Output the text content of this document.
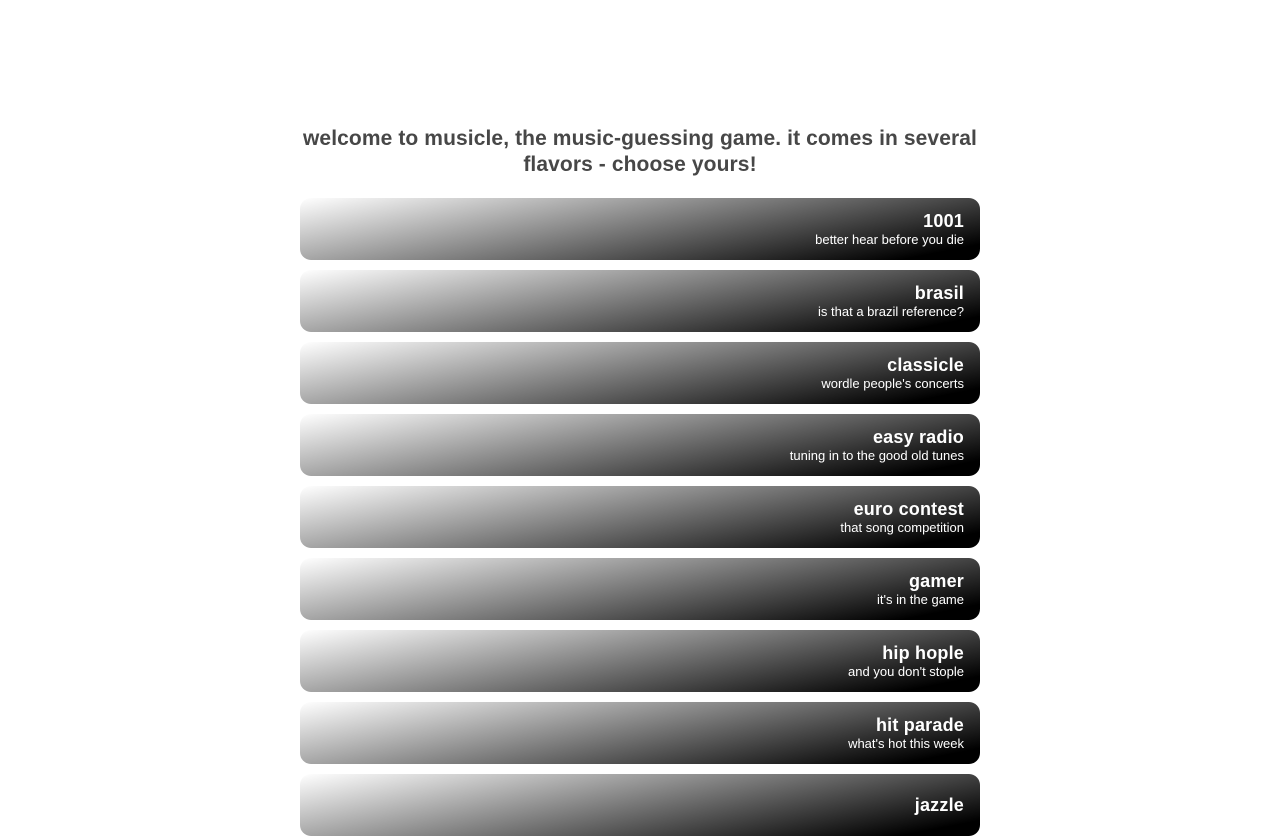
welcome to musicle, the music-guessing game. it comes in several flavors - choose yours!
1001
better hear before you die
brasil
is that a brazil reference?
classicle
wordle people's concerts
easy radio
tuning in to the good old tunes
euro contest
that song competition
gamer
it's in the game
hip hople
and you don't stople
hit parade
what's hot this week
jazzle
